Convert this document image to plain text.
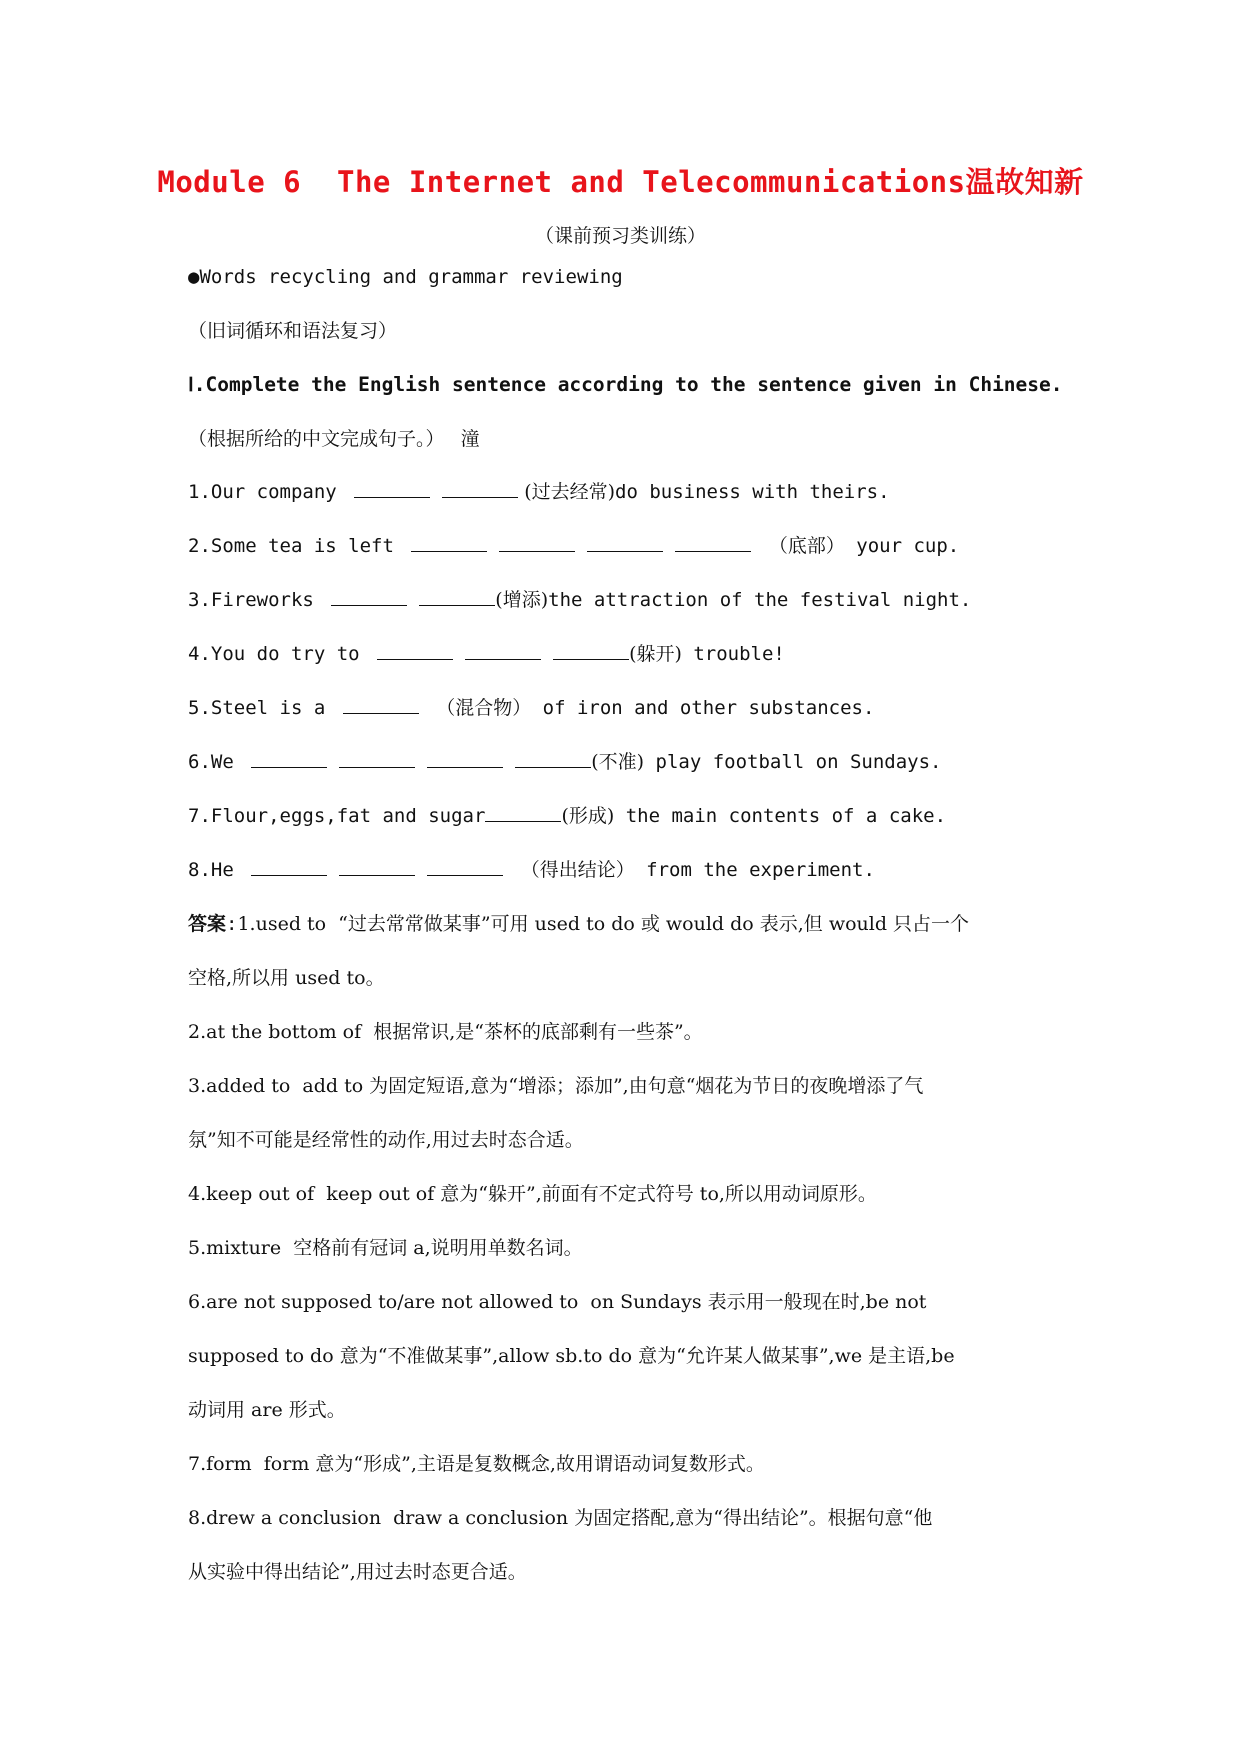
Module 6  The Internet and Telecommunications温故知新
（课前预习类训练）
●Words recycling and grammar reviewing
（旧词循环和语法复习）
Ⅰ.Complete the English sentence according to the sentence given in Chinese.
（根据所给的中文完成句子。） 潼
1.Our company	(过去经常)do business with theirs.
2.Some tea is left	（底部） your cup.
3.Fireworks	(增添)the attraction of the festival night.
4.You do try to	(躲开) trouble!
5.Steel is a	（混合物） of iron and other substances.
6.We	(不准) play football on Sundays.
7.Flour,eggs,fat and sugar	(形成) the main contents of a cake.
8.He	（得出结论） from the experiment.
答案:1.used to  “过去常常做某事”可用 used to do 或 would do 表示,但 would 只占一个
空格,所以用 used to。
2.at the bottom of  根据常识,是“茶杯的底部剩有一些茶”。
3.added to  add to 为固定短语,意为“增添；添加”,由句意“烟花为节日的夜晚增添了气
氛”知不可能是经常性的动作,用过去时态合适。
4.keep out of  keep out of 意为“躲开”,前面有不定式符号 to,所以用动词原形。
5.mixture  空格前有冠词 a,说明用单数名词。
6.are not supposed to/are not allowed to  on Sundays 表示用一般现在时,be not
supposed to do 意为“不准做某事”,allow sb.to do 意为“允许某人做某事”,we 是主语,be
动词用 are 形式。
7.form  form 意为“形成”,主语是复数概念,故用谓语动词复数形式。
8.drew a conclusion  draw a conclusion 为固定搭配,意为“得出结论”。根据句意“他
从实验中得出结论”,用过去时态更合适。
